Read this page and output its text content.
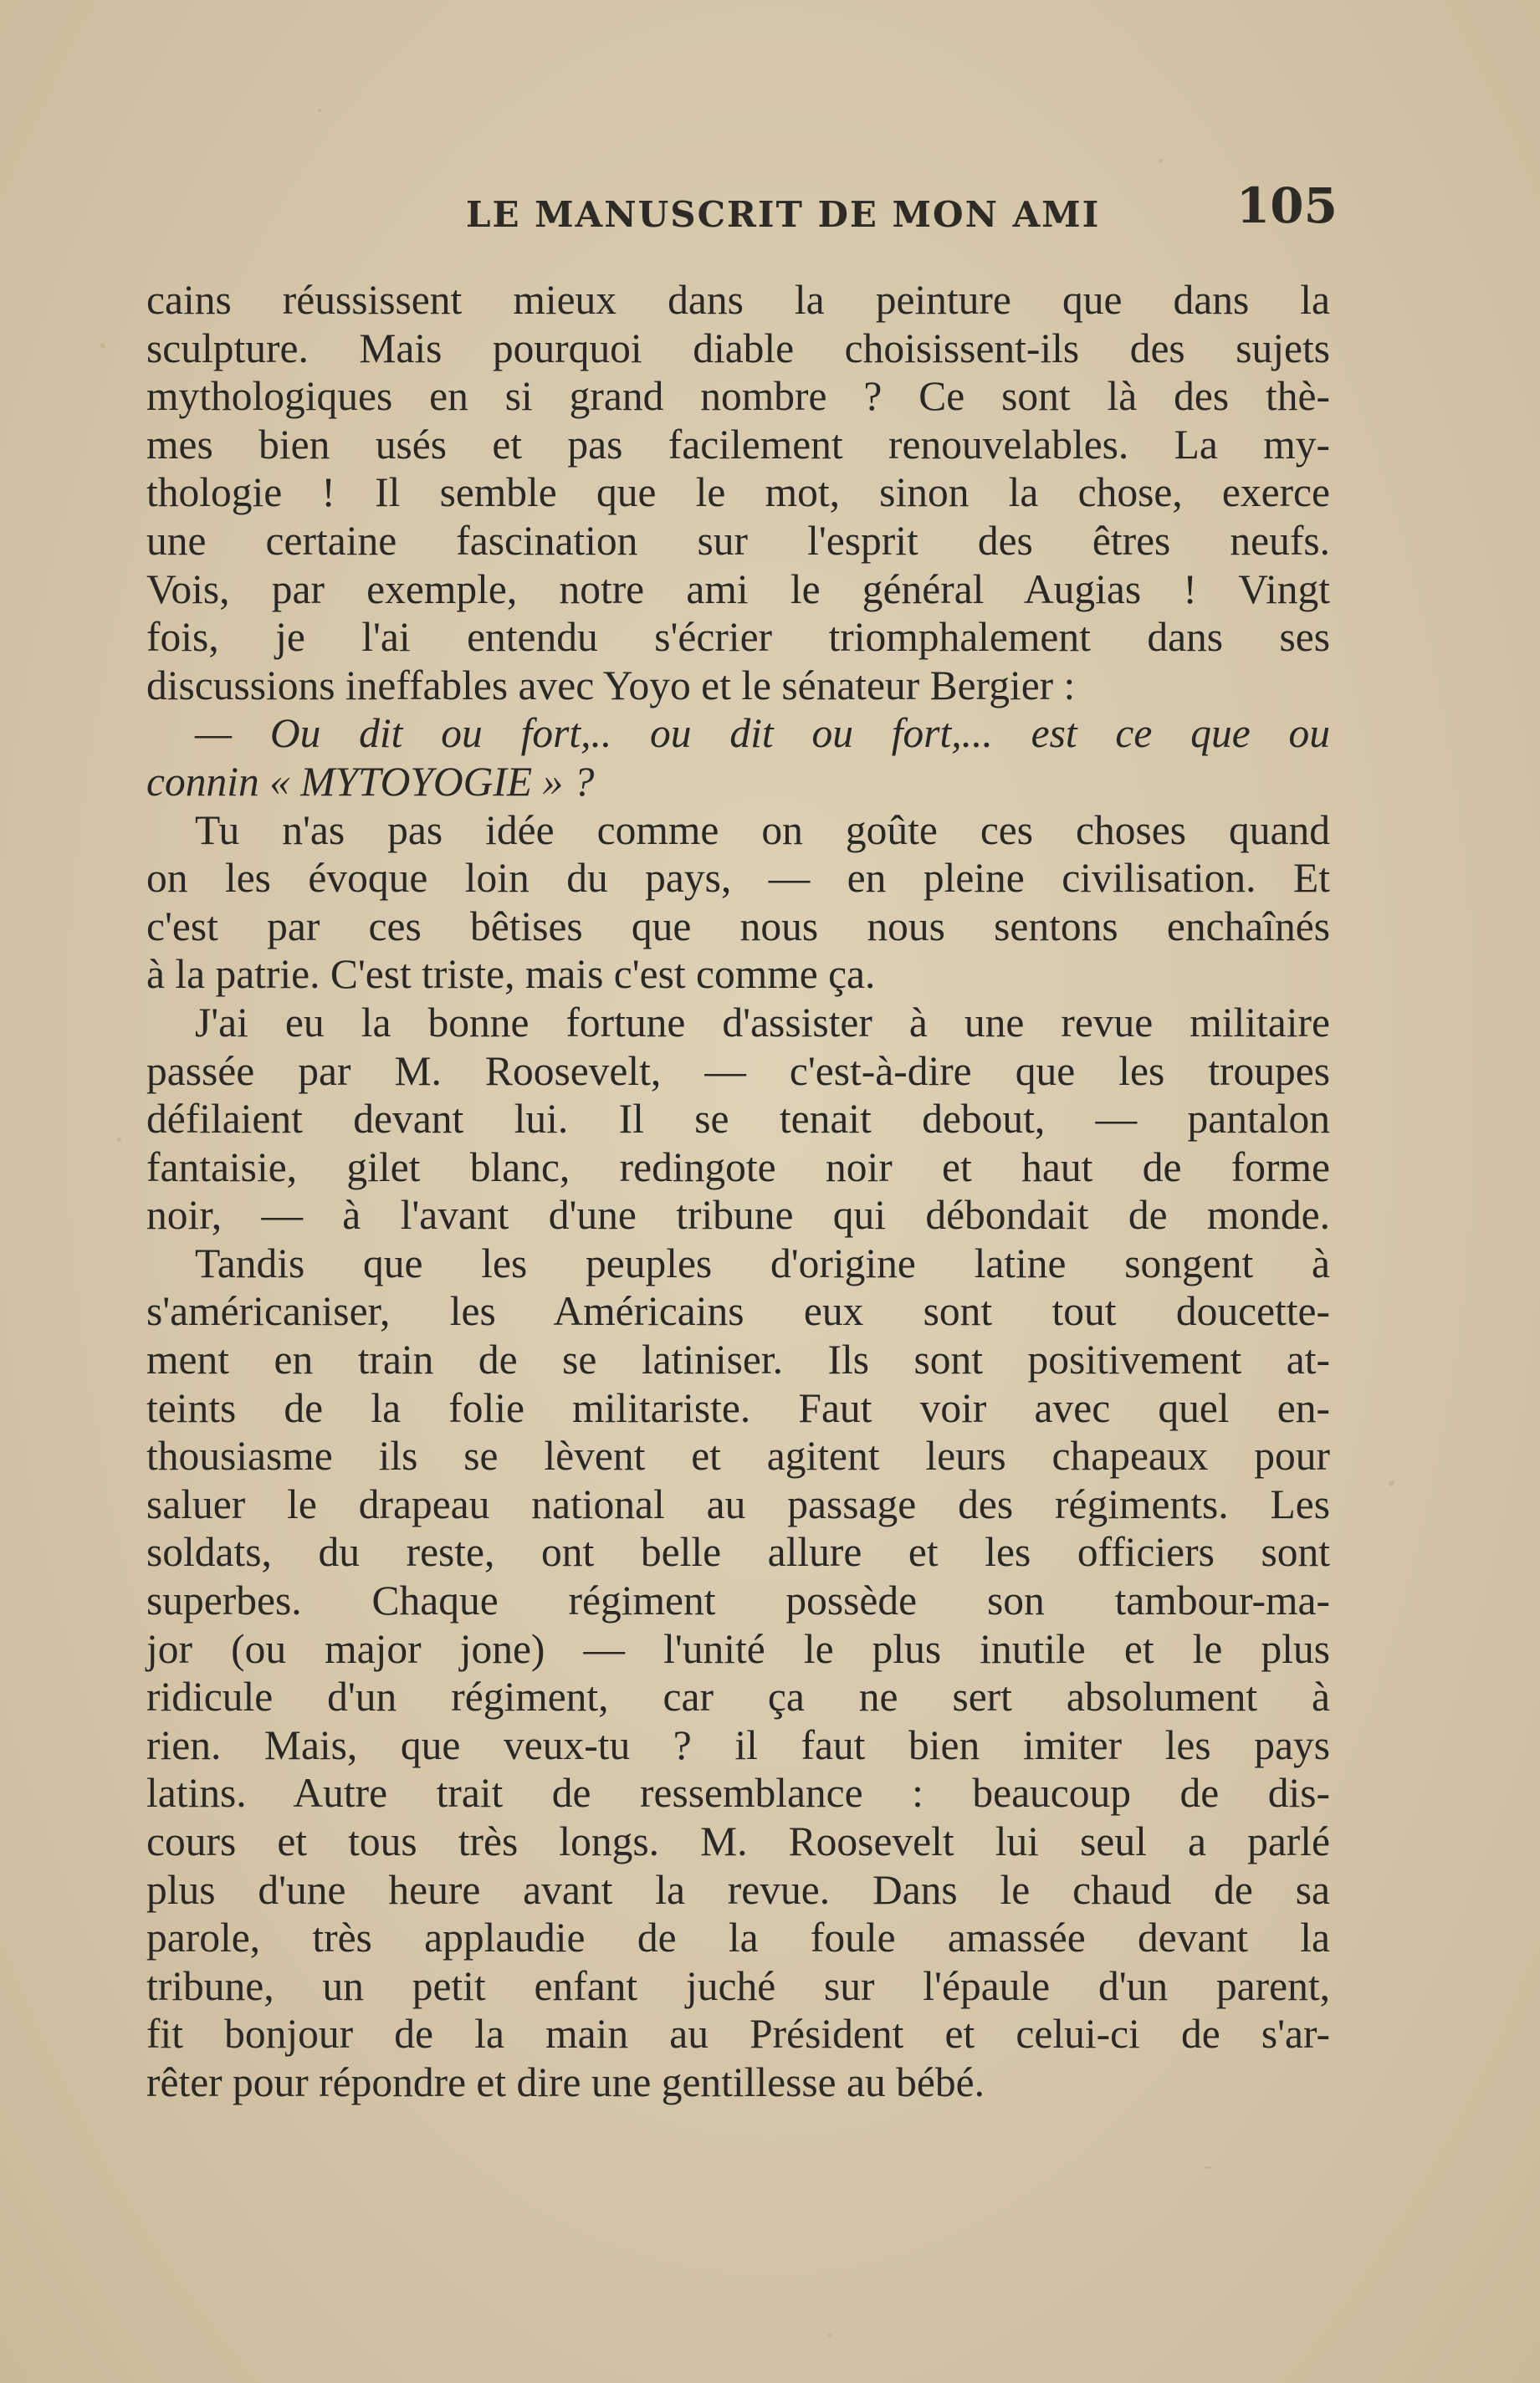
LE MANUSCRIT DE MON AMI	105
cains réussissent mieux dans la peinture que dans la
sculpture. Mais pourquoi diable choisissent-ils des sujets
mythologiques en si grand nombre ? Ce sont là des thè-
mes bien usés et pas facilement renouvelables. La my-
thologie ! Il semble que le mot, sinon la chose, exerce
une certaine fascination sur l'esprit des êtres neufs.
Vois, par exemple, notre ami le général Augias ! Vingt
fois, je l'ai entendu s'écrier triomphalement dans ses
discussions ineffables avec Yoyo et le sénateur Bergier :
— Ou dit ou fort,.. ou dit ou fort,... est ce que ou
connin « MYTOYOGIE » ?
Tu n'as pas idée comme on goûte ces choses quand
on les évoque loin du pays, — en pleine civilisation. Et
c'est par ces bêtises que nous nous sentons enchaînés
à la patrie. C'est triste, mais c'est comme ça.
J'ai eu la bonne fortune d'assister à une revue militaire
passée par M. Roosevelt, — c'est-à-dire que les troupes
défilaient devant lui. Il se tenait debout, — pantalon
fantaisie, gilet blanc, redingote noir et haut de forme
noir, — à l'avant d'une tribune qui débondait de monde.
Tandis que les peuples d'origine latine songent à
s'américaniser, les Américains eux sont tout doucette-
ment en train de se latiniser. Ils sont positivement at-
teints de la folie militariste. Faut voir avec quel en-
thousiasme ils se lèvent et agitent leurs chapeaux pour
saluer le drapeau national au passage des régiments. Les
soldats, du reste, ont belle allure et les officiers sont
superbes. Chaque régiment possède son tambour-ma-
jor (ou major jone) — l'unité le plus inutile et le plus
ridicule d'un régiment, car ça ne sert absolument à
rien. Mais, que veux-tu ? il faut bien imiter les pays
latins. Autre trait de ressemblance : beaucoup de dis-
cours et tous très longs. M. Roosevelt lui seul a parlé
plus d'une heure avant la revue. Dans le chaud de sa
parole, très applaudie de la foule amassée devant la
tribune, un petit enfant juché sur l'épaule d'un parent,
fit bonjour de la main au Président et celui-ci de s'ar-
rêter pour répondre et dire une gentillesse au bébé.
